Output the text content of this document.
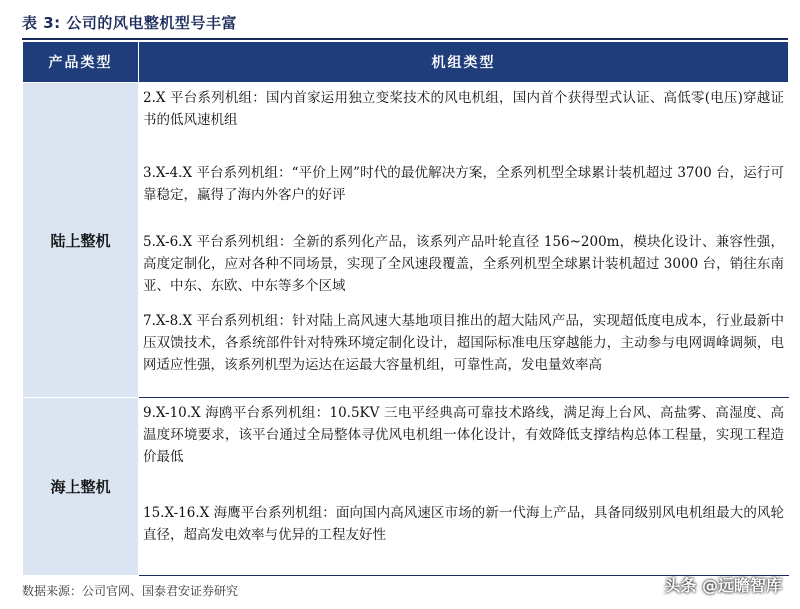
表 3: 公司的风电整机型号丰富
产品类型	机组类型
陆上整机	2.X 平台系列机组：国内首家运用独立变桨技术的风电机组，国内首个获得型式认证、高低零(电压)穿越证书的低风速机组
	3.X-4.X 平台系列机组：“平价上网”时代的最优解决方案，全系列机型全球累计装机超过 3700 台，运行可靠稳定，赢得了海内外客户的好评
	5.X-6.X 平台系列机组：全新的系列化产品，该系列产品叶轮直径 156~200m，模块化设计、兼容性强，高度定制化，应对各种不同场景，实现了全风速段覆盖，全系列机型全球累计装机超过 3000 台，销往东南亚、中东、东欧、中东等多个区域
	7.X-8.X 平台系列机组：针对陆上高风速大基地项目推出的超大陆风产品，实现超低度电成本，行业最新中压双馈技术，各系统部件针对特殊环境定制化设计，超国际标准电压穿越能力，主动参与电网调峰调频，电网适应性强，该系列机型为运达在运最大容量机组，可靠性高，发电量效率高
海上整机	9.X-10.X 海鸥平台系列机组：10.5KV 三电平经典高可靠技术路线，满足海上台风、高盐雾、高湿度、高温度环境要求，该平台通过全局整体寻优风电机组一体化设计，有效降低支撑结构总体工程量，实现工程造价最低
	15.X-16.X 海鹰平台系列机组：面向国内高风速区市场的新一代海上产品，具备同级别风电机组最大的风轮直径，超高发电效率与优异的工程友好性
数据来源：公司官网、国泰君安证券研究	头条 @远瞻智库
